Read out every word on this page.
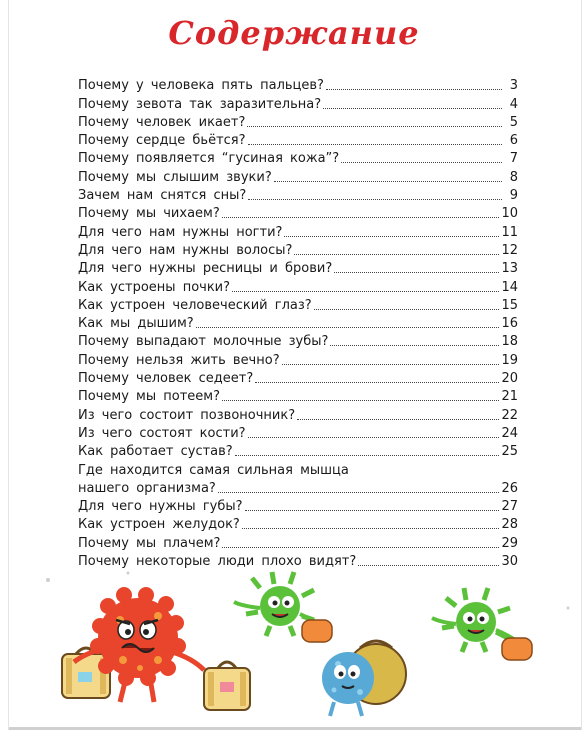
Содержание
Почему у человека пять пальцев?	3
Почему зевота так заразительна?	4
Почему человек икает?	5
Почему сердце бьётся?	6
Почему появляется “гусиная кожа”?	7
Почему мы слышим звуки?	8
Зачем нам снятся сны?	9
Почему мы чихаем?	10
Для чего нам нужны ногти?	11
Для чего нам нужны волосы?	12
Для чего нужны ресницы и брови?	13
Как устроены почки?	14
Как устроен человеческий глаз?	15
Как мы дышим?	16
Почему выпадают молочные зубы?	18
Почему нельзя жить вечно?	19
Почему человек седеет?	20
Почему мы потеем?	21
Из чего состоит позвоночник?	22
Из чего состоят кости?	24
Как работает сустав?	25
Где находится самая сильная мышца
нашего организма?	26
Для чего нужны губы?	27
Как устроен желудок?	28
Почему мы плачем?	29
Почему некоторые люди плохо видят?	30
